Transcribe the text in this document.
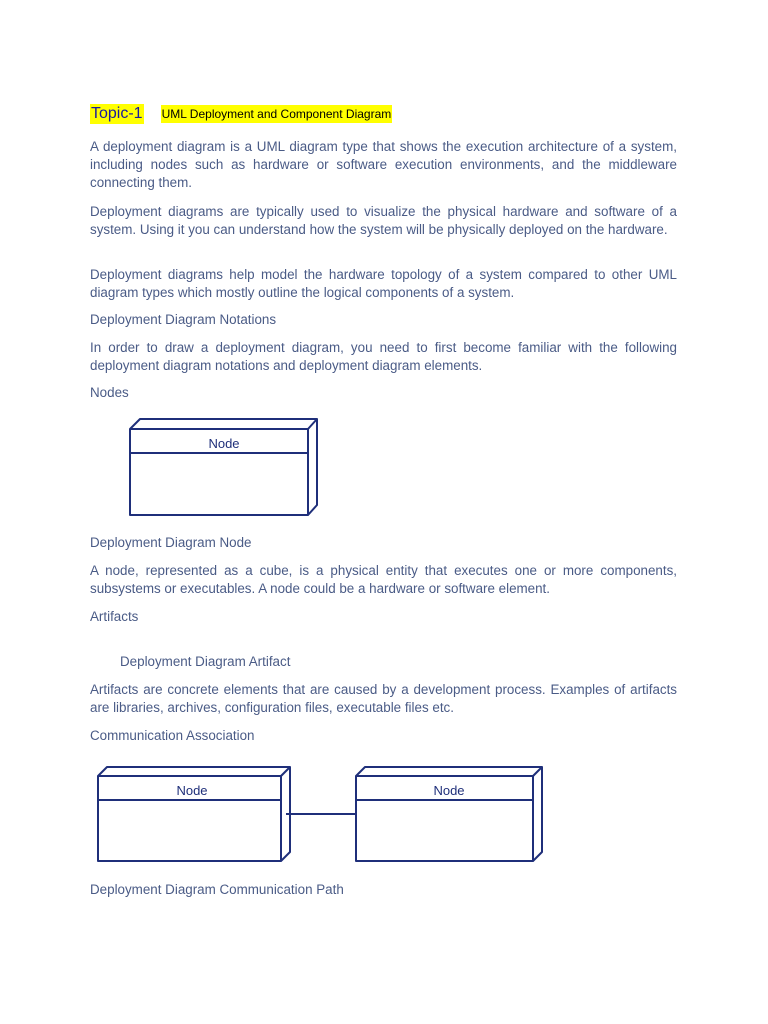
Topic-1 UML Deployment and Component Diagram

A deployment diagram is a UML diagram type that shows the execution architecture of a system, including nodes such as hardware or software execution environments, and the middleware connecting them.

Deployment diagrams are typically used to visualize the physical hardware and software of a system. Using it you can understand how the system will be physically deployed on the hardware.

Deployment diagrams help model the hardware topology of a system compared to other UML diagram types which mostly outline the logical components of a system.

Deployment Diagram Notations

In order to draw a deployment diagram, you need to first become familiar with the following deployment diagram notations and deployment diagram elements.

Nodes

Node

Deployment Diagram Node

A node, represented as a cube, is a physical entity that executes one or more components, subsystems or executables. A node could be a hardware or software element.

Artifacts

Deployment Diagram Artifact

Artifacts are concrete elements that are caused by a development process. Examples of artifacts are libraries, archives, configuration files, executable files etc.

Communication Association

Node	Node

Deployment Diagram Communication Path
